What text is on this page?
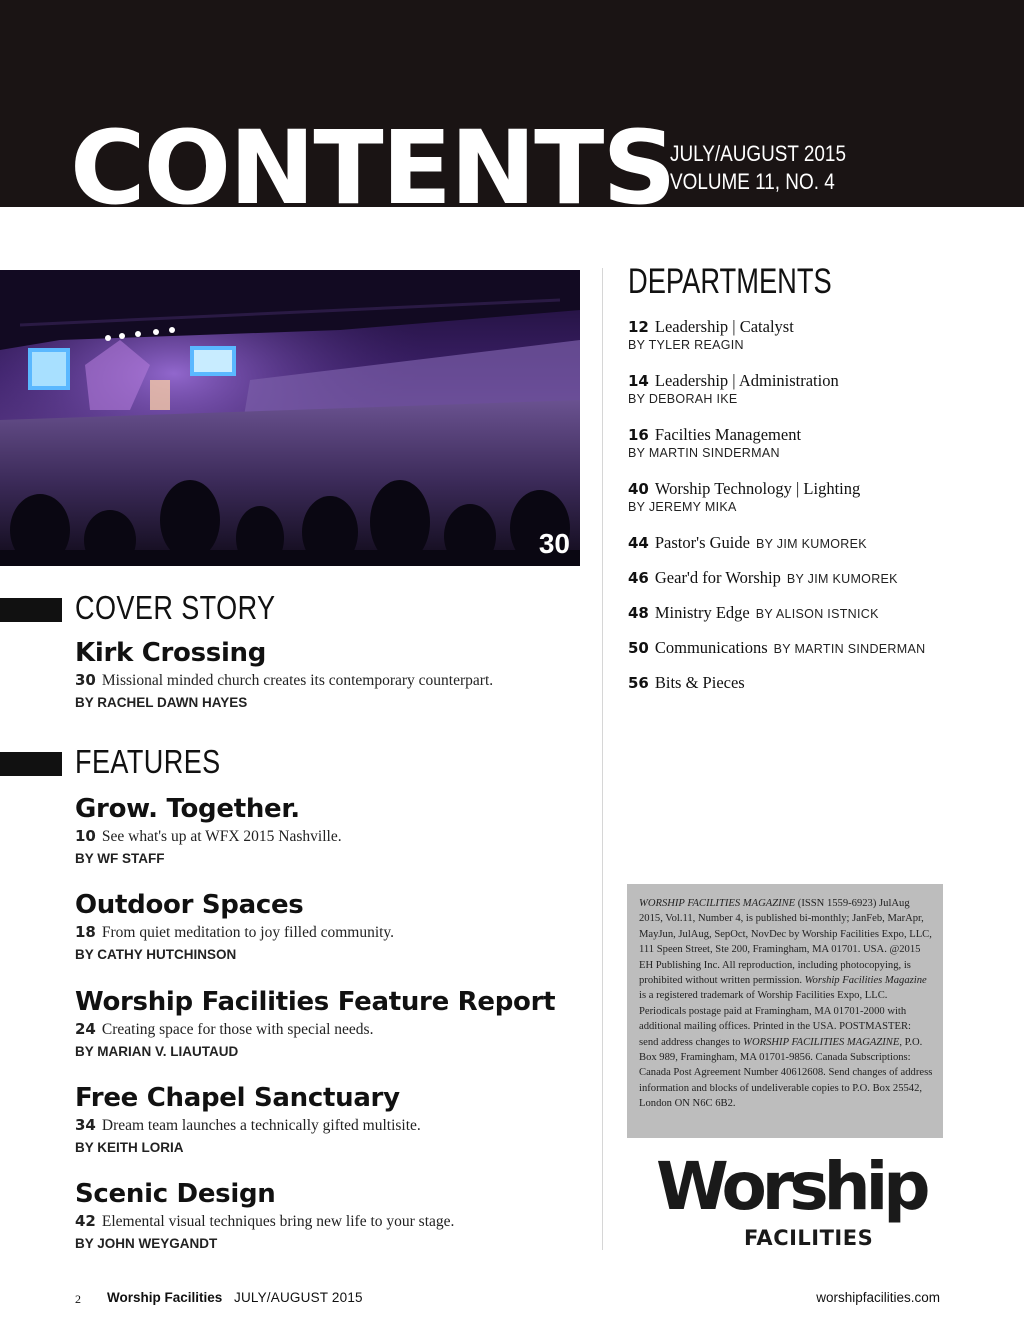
CONTENTS
JULY/AUGUST 2015
VOLUME 11, NO. 4
30
COVER STORY
Kirk Crossing
30 Missional minded church creates its contemporary counterpart.
BY RACHEL DAWN HAYES
FEATURES
Grow. Together.
10 See what's up at WFX 2015 Nashville.
BY WF STAFF
Outdoor Spaces
18 From quiet meditation to joy filled community.
BY CATHY HUTCHINSON
Worship Facilities Feature Report
24 Creating space for those with special needs.
BY MARIAN V. LIAUTAUD
Free Chapel Sanctuary
34 Dream team launches a technically gifted multisite.
BY KEITH LORIA
Scenic Design
42 Elemental visual techniques bring new life to your stage.
BY JOHN WEYGANDT
DEPARTMENTS
12 Leadership | Catalyst
BY TYLER REAGIN
14 Leadership | Administration
BY DEBORAH IKE
16 Facilties Management
BY MARTIN SINDERMAN
40 Worship Technology | Lighting
BY JEREMY MIKA
44 Pastor's Guide BY JIM KUMOREK
46 Gear'd for Worship BY JIM KUMOREK
48 Ministry Edge BY ALISON ISTNICK
50 Communications BY MARTIN SINDERMAN
56 Bits & Pieces
WORSHIP FACILITIES MAGAZINE (ISSN 1559-6923) JulAug 2015, Vol.11, Number 4, is published bi-monthly; JanFeb, MarApr, MayJun, JulAug, SepOct, NovDec by Worship Facilities Expo, LLC, 111 Speen Street, Ste 200, Framingham, MA 01701. USA. @2015 EH Publishing Inc. All reproduction, including photocopying, is prohibited without written permission. Worship Facilities Magazine is a registered trademark of Worship Facilities Expo, LLC. Periodicals postage paid at Framingham, MA 01701-2000 with additional mailing offices. Printed in the USA. POSTMASTER: send address changes to WORSHIP FACILITIES MAGAZINE, P.O. Box 989, Framingham, MA 01701-9856. Canada Subscriptions: Canada Post Agreement Number 40612608. Send changes of address information and blocks of undeliverable copies to P.O. Box 25542, London ON N6C 6B2.
Worship
FACILITIES
2 Worship Facilities JULY/AUGUST 2015	worshipfacilities.com
